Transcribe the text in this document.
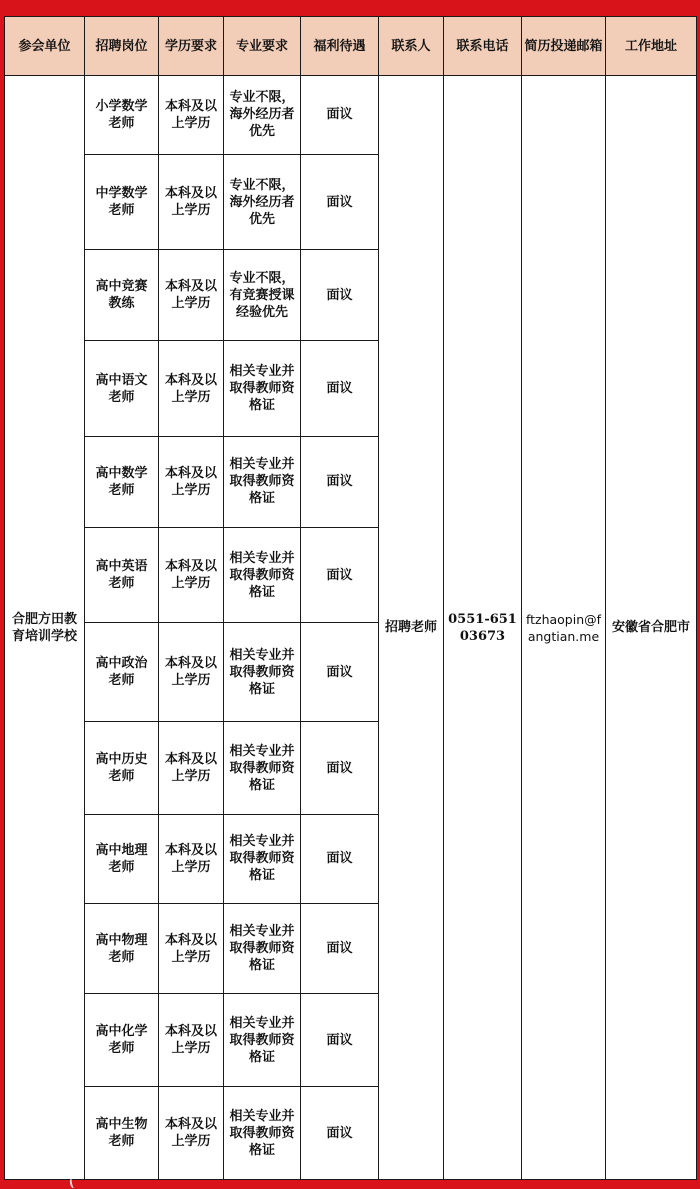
参会单位	招聘岗位	学历要求	专业要求	福利待遇	联系人	联系电话	简历投递邮箱	工作地址
合肥方田教育培训学校	小学数学老师	本科及以上学历	专业不限，海外经历者优先	面议	招聘老师	0551-65103673	ftzhaopin@fangtian.me	安徽省合肥市
	中学数学老师	本科及以上学历	专业不限，海外经历者优先	面议				
	高中竞赛教练	本科及以上学历	专业不限，有竞赛授课经验优先	面议				
	高中语文老师	本科及以上学历	相关专业并取得教师资格证	面议				
	高中数学老师	本科及以上学历	相关专业并取得教师资格证	面议				
	高中英语老师	本科及以上学历	相关专业并取得教师资格证	面议				
	高中政治老师	本科及以上学历	相关专业并取得教师资格证	面议				
	高中历史老师	本科及以上学历	相关专业并取得教师资格证	面议				
	高中地理老师	本科及以上学历	相关专业并取得教师资格证	面议				
	高中物理老师	本科及以上学历	相关专业并取得教师资格证	面议				
	高中化学老师	本科及以上学历	相关专业并取得教师资格证	面议				
	高中生物老师	本科及以上学历	相关专业并取得教师资格证	面议				
